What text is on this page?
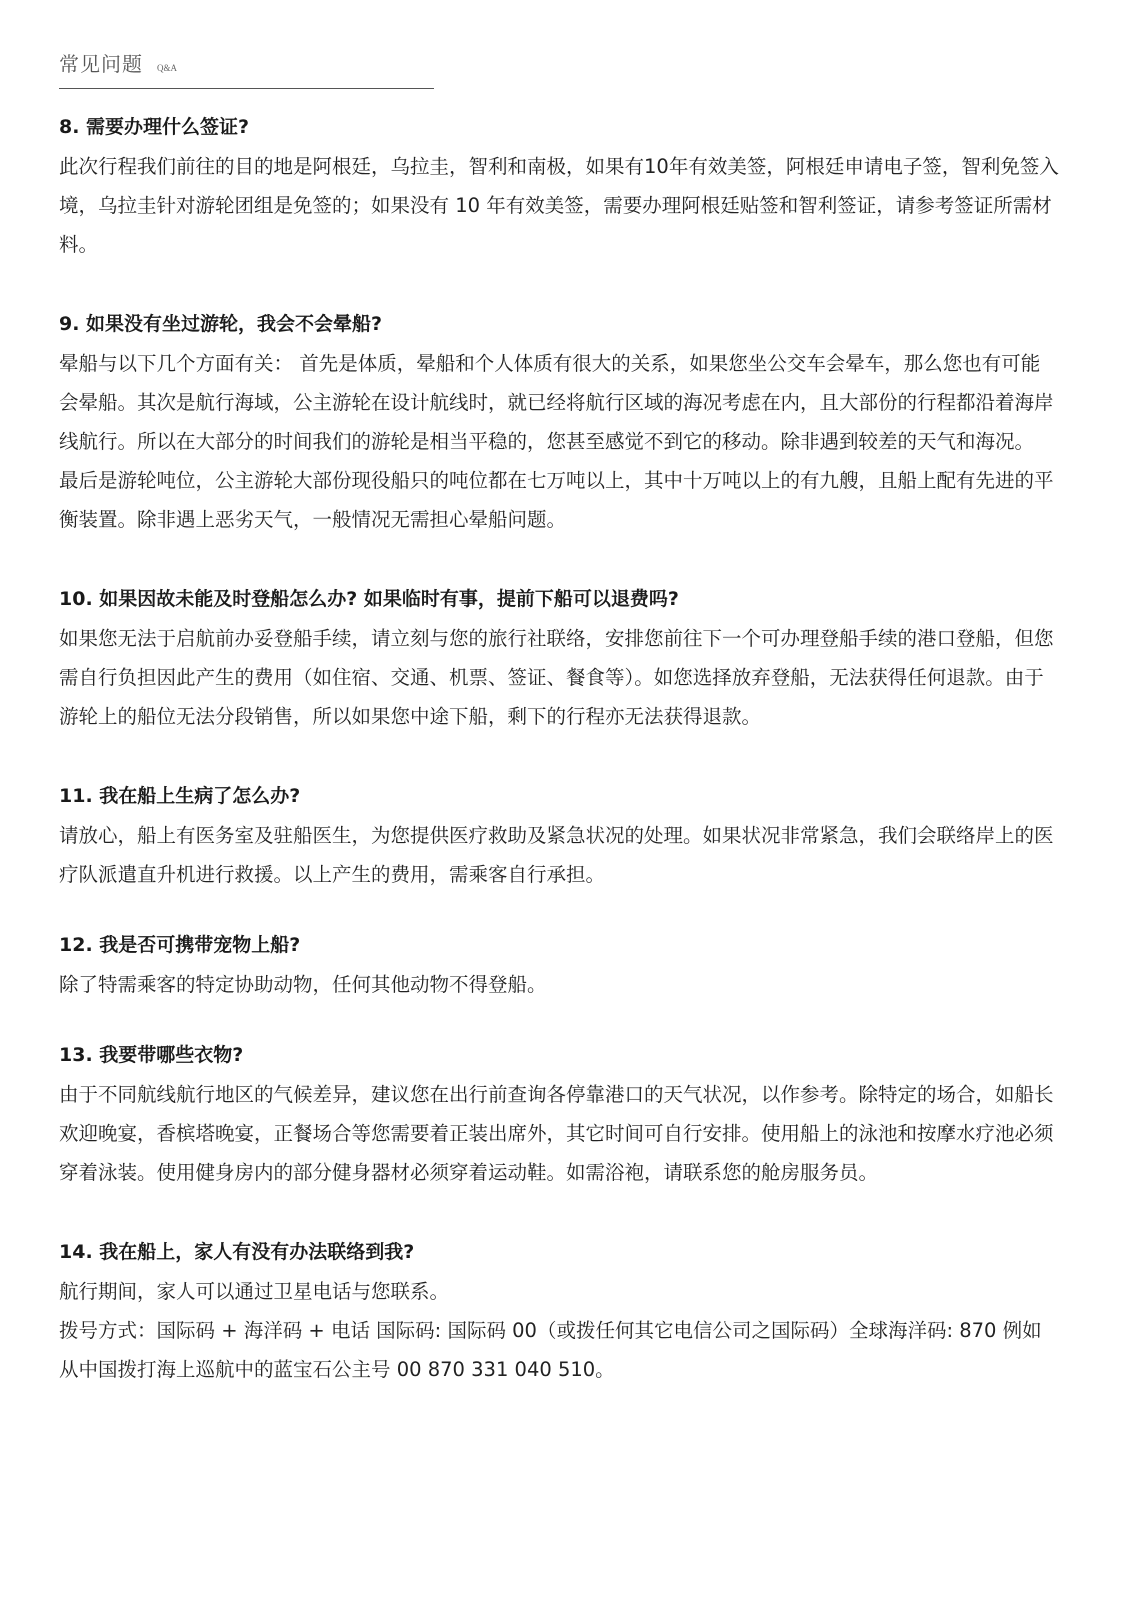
常见问题 Q&A
8. 需要办理什么签证?

此次行程我们前往的目的地是阿根廷，乌拉圭，智利和南极，如果有10年有效美签，阿根廷申请电子签，智利免签入境，乌拉圭针对游轮团组是免签的；如果没有 10 年有效美签，需要办理阿根廷贴签和智利签证，请参考签证所需材料。

9. 如果没有坐过游轮，我会不会晕船?

晕船与以下几个方面有关： 首先是体质，晕船和个人体质有很大的关系，如果您坐公交车会晕车，那么您也有可能会晕船。其次是航行海域，公主游轮在设计航线时，就已经将航行区域的海况考虑在内，且大部份的行程都沿着海岸线航行。所以在大部分的时间我们的游轮是相当平稳的，您甚至感觉不到它的移动。除非遇到较差的天气和海况。 最后是游轮吨位，公主游轮大部份现役船只的吨位都在七万吨以上，其中十万吨以上的有九艘，且船上配有先进的平衡装置。除非遇上恶劣天气，一般情况无需担心晕船问题。

10. 如果因故未能及时登船怎么办? 如果临时有事，提前下船可以退费吗?

如果您无法于启航前办妥登船手续，请立刻与您的旅行社联络，安排您前往下一个可办理登船手续的港口登船，但您需自行负担因此产生的费用（如住宿、交通、机票、签证、餐食等）。如您选择放弃登船，无法获得任何退款。由于游轮上的船位无法分段销售，所以如果您中途下船，剩下的行程亦无法获得退款。

11. 我在船上生病了怎么办?

请放心，船上有医务室及驻船医生，为您提供医疗救助及紧急状况的处理。如果状况非常紧急，我们会联络岸上的医疗队派遣直升机进行救援。以上产生的费用，需乘客自行承担。

12. 我是否可携带宠物上船?

除了特需乘客的特定协助动物，任何其他动物不得登船。

13. 我要带哪些衣物?

由于不同航线航行地区的气候差异，建议您在出行前查询各停靠港口的天气状况，以作参考。除特定的场合，如船长欢迎晚宴，香槟塔晚宴，正餐场合等您需要着正装出席外，其它时间可自行安排。使用船上的泳池和按摩水疗池必须穿着泳装。使用健身房内的部分健身器材必须穿着运动鞋。如需浴袍，请联系您的舱房服务员。

14. 我在船上，家人有没有办法联络到我?

航行期间，家人可以通过卫星电话与您联系。

拨号方式：国际码 + 海洋码 + 电话 国际码: 国际码 00（或拨任何其它电信公司之国际码）全球海洋码: 870 例如从中国拨打海上巡航中的蓝宝石公主号 00 870 331 040 510。
